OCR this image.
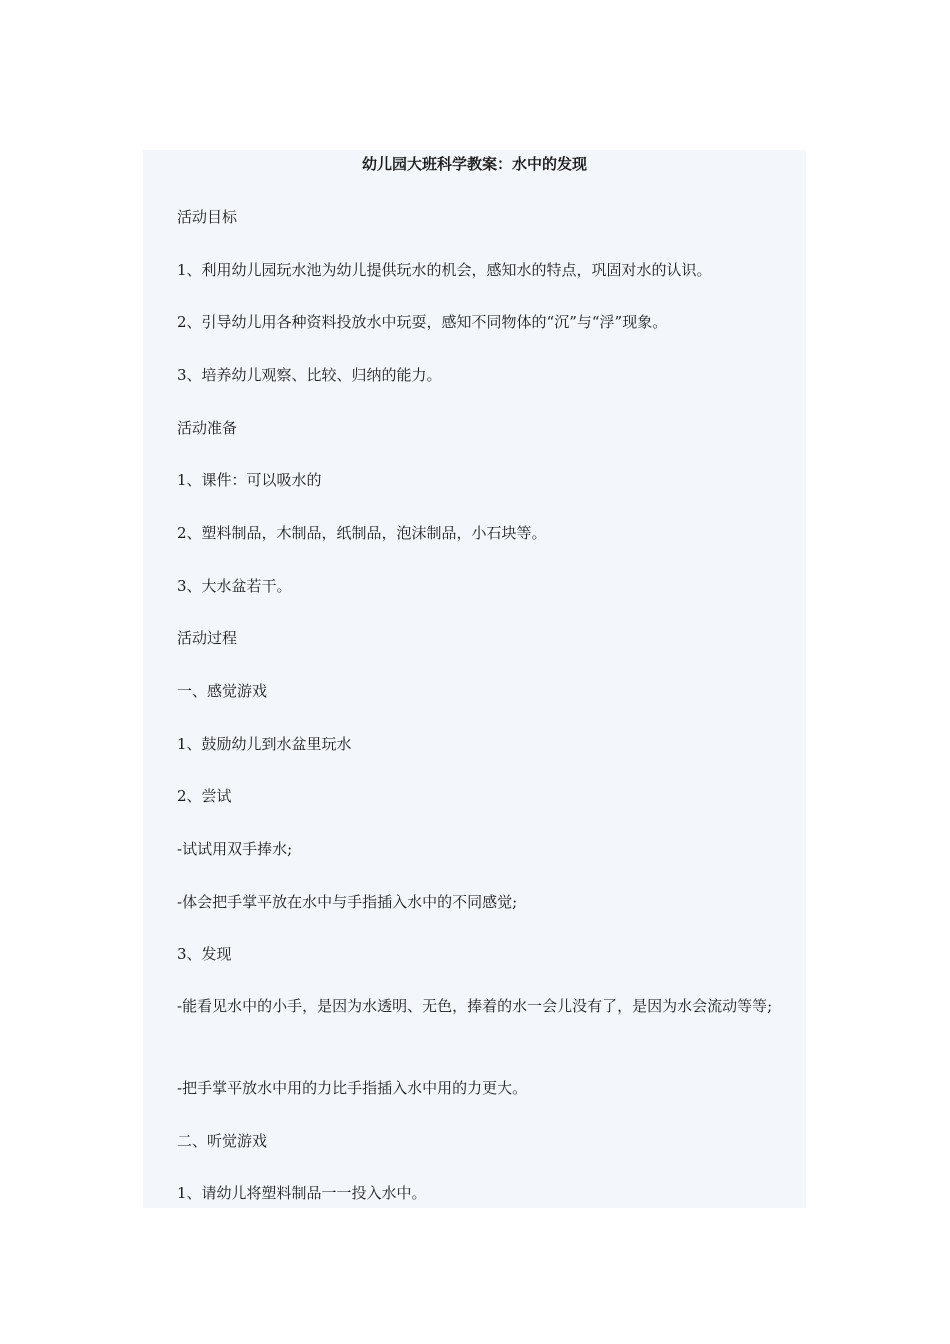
幼儿园大班科学教案：水中的发现

活动目标

1、利用幼儿园玩水池为幼儿提供玩水的机会，感知水的特点，巩固对水的认识。

2、引导幼儿用各种资料投放水中玩耍，感知不同物体的“沉”与“浮”现象。

3、培养幼儿观察、比较、归纳的能力。

活动准备

1、课件：可以吸水的

2、塑料制品，木制品，纸制品，泡沫制品，小石块等。

3、大水盆若干。

活动过程

一、感觉游戏

1、鼓励幼儿到水盆里玩水

2、尝试

-试试用双手捧水;

-体会把手掌平放在水中与手指插入水中的不同感觉;

3、发现

-能看见水中的小手，是因为水透明、无色，捧着的水一会儿没有了，是因为水会流动等等;

-把手掌平放水中用的力比手指插入水中用的力更大。

二、听觉游戏

1、请幼儿将塑料制品一一投入水中。
